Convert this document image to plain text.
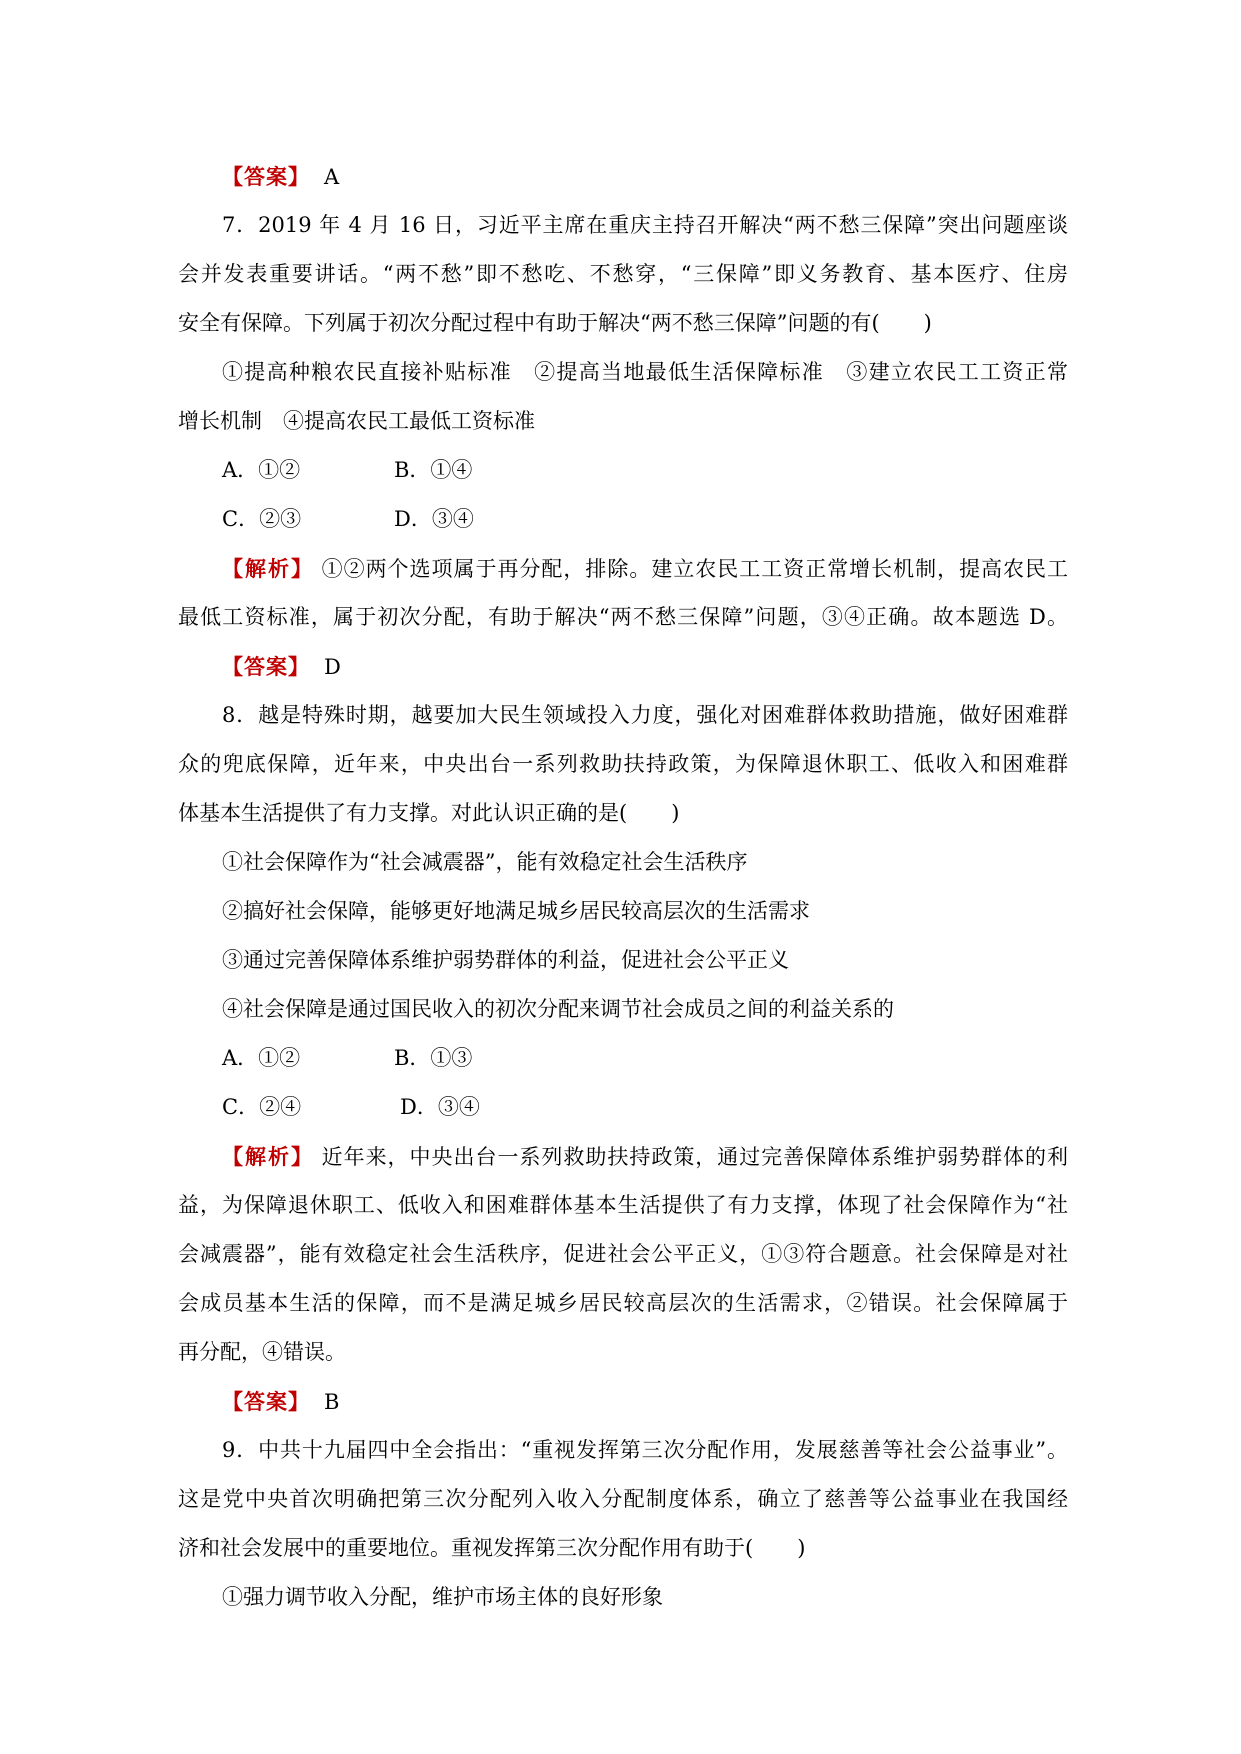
【答案】 A

7．2019 年 4 月 16 日，习近平主席在重庆主持召开解决“两不愁三保障”突出问题座谈

会并发表重要讲话。“两不愁”即不愁吃、不愁穿，“三保障”即义务教育、基本医疗、住房

安全有保障。下列属于初次分配过程中有助于解决“两不愁三保障”问题的有( )

①提高种粮农民直接补贴标准　②提高当地最低生活保障标准　③建立农民工工资正常

增长机制　④提高农民工最低工资标准

A．①②	B．①④

C．②③	D．③④

【解析】 ①②两个选项属于再分配，排除。建立农民工工资正常增长机制，提高农民工

最低工资标准，属于初次分配，有助于解决“两不愁三保障”问题，③④正确。故本题选 D。

【答案】 D

8．越是特殊时期，越要加大民生领域投入力度，强化对困难群体救助措施，做好困难群

众的兜底保障，近年来，中央出台一系列救助扶持政策，为保障退休职工、低收入和困难群

体基本生活提供了有力支撑。对此认识正确的是( )

①社会保障作为“社会减震器”，能有效稳定社会生活秩序

②搞好社会保障，能够更好地满足城乡居民较高层次的生活需求

③通过完善保障体系维护弱势群体的利益，促进社会公平正义

④社会保障是通过国民收入的初次分配来调节社会成员之间的利益关系的

A．①②	B．①③

C．②④	D．③④

【解析】 近年来，中央出台一系列救助扶持政策，通过完善保障体系维护弱势群体的利

益，为保障退休职工、低收入和困难群体基本生活提供了有力支撑，体现了社会保障作为“社

会减震器”，能有效稳定社会生活秩序，促进社会公平正义，①③符合题意。社会保障是对社

会成员基本生活的保障，而不是满足城乡居民较高层次的生活需求，②错误。社会保障属于

再分配，④错误。

【答案】 B

9．中共十九届四中全会指出：“重视发挥第三次分配作用，发展慈善等社会公益事业”。

这是党中央首次明确把第三次分配列入收入分配制度体系，确立了慈善等公益事业在我国经

济和社会发展中的重要地位。重视发挥第三次分配作用有助于( )

①强力调节收入分配，维护市场主体的良好形象
